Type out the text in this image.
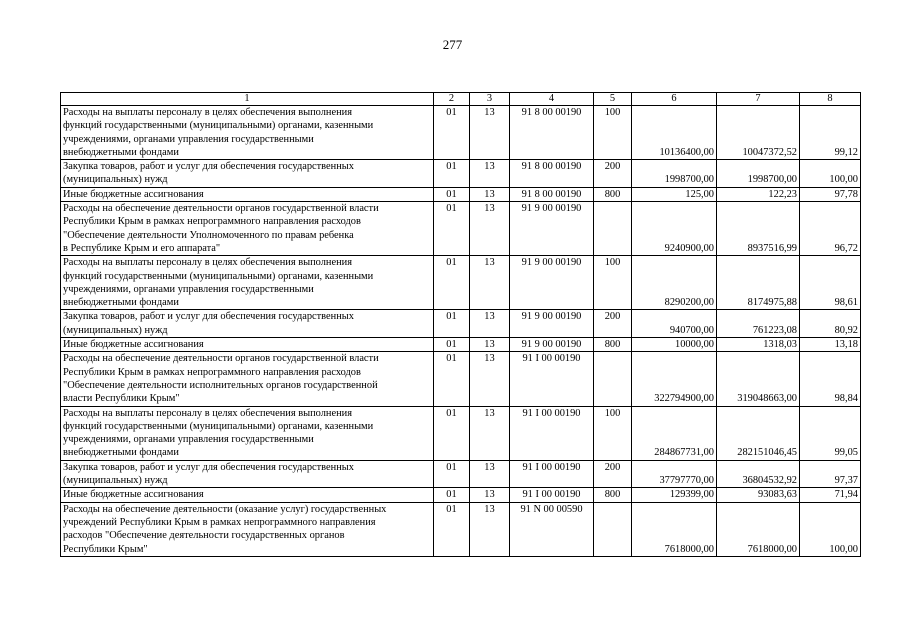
277
1	2	3	4	5	6	7	8

Расходы на выплаты персоналу в целях обеспечения выполнения
функций государственными (муниципальными) органами, казенными
учреждениями, органами управления государственными
внебюджетными фондами	01	13	91 8 00 00190	100	10136400,00	10047372,52	99,12

Закупка товаров, работ и услуг для обеспечения государственных
(муниципальных) нужд	01	13	91 8 00 00190	200	1998700,00	1998700,00	100,00

Иные бюджетные ассигнования	01	13	91 8 00 00190	800	125,00	122,23	97,78

Расходы на обеспечение деятельности органов государственной власти
Республики Крым в рамках непрограммного направления расходов
"Обеспечение деятельности Уполномоченного по правам ребенка
в Республике Крым и его аппарата"	01	13	91 9 00 00190		9240900,00	8937516,99	96,72

Расходы на выплаты персоналу в целях обеспечения выполнения
функций государственными (муниципальными) органами, казенными
учреждениями, органами управления государственными
внебюджетными фондами	01	13	91 9 00 00190	100	8290200,00	8174975,88	98,61

Закупка товаров, работ и услуг для обеспечения государственных
(муниципальных) нужд	01	13	91 9 00 00190	200	940700,00	761223,08	80,92

Иные бюджетные ассигнования	01	13	91 9 00 00190	800	10000,00	1318,03	13,18

Расходы на обеспечение деятельности органов государственной власти
Республики Крым в рамках непрограммного направления расходов
"Обеспечение деятельности исполнительных органов государственной
власти Республики Крым"	01	13	91 I 00 00190		322794900,00	319048663,00	98,84

Расходы на выплаты персоналу в целях обеспечения выполнения
функций государственными (муниципальными) органами, казенными
учреждениями, органами управления государственными
внебюджетными фондами	01	13	91 I 00 00190	100	284867731,00	282151046,45	99,05

Закупка товаров, работ и услуг для обеспечения государственных
(муниципальных) нужд	01	13	91 I 00 00190	200	37797770,00	36804532,92	97,37

Иные бюджетные ассигнования	01	13	91 I 00 00190	800	129399,00	93083,63	71,94

Расходы на обеспечение деятельности (оказание услуг) государственных
учреждений Республики Крым в рамках непрограммного направления
расходов "Обеспечение деятельности государственных органов
Республики Крым"	01	13	91 N 00 00590		7618000,00	7618000,00	100,00
